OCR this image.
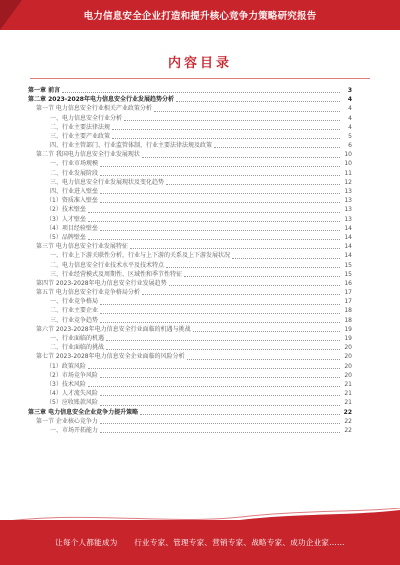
电力信息安全企业打造和提升核心竞争力策略研究报告
内容目录
第一章 前言	3
第二章 2023-2028年电力信息安全行业发展趋势分析	4
第一节 电力信息安全行业相关产业政策分析	4
一、电力信息安全行业分析	4
二、行业主要法律法规	4
三、行业主要产业政策	5
四、行业主管部门、行业监管体制、行业主要法律法规及政策	6
第二节 我国电力信息安全行业发展现状	10
一、行业市场规模	10
二、行业发展阶段	11
三、电力信息安全行业发展现状及变化趋势	12
四、行业进入壁垒	13
（1）资质准入壁垒	13
（2）技术壁垒	13
（3）人才壁垒	13
（4）项目经验壁垒	14
（5）品牌壁垒	14
第三节 电力信息安全行业发展特征	14
一、行业上下游关联性分析，行业与上下游的关系及上下游发展状况	14
二、电力信息安全行业技术水平及技术特点	15
三、行业经营模式及周期性、区域性和季节性特征	15
第四节 2023-2028年电力信息安全行业发展趋势	16
第五节 电力信息安全行业竞争格局分析	17
一、行业竞争格局	17
二、行业主要企业	18
三、行业竞争趋势	18
第六节 2023-2028年电力信息安全行业面临的机遇与挑战	19
一、行业面临的机遇	19
二、行业面临的挑战	20
第七节 2023-2028年电力信息安全企业面临的风险分析	20
（1）政策风险	20
（2）市场竞争风险	20
（3）技术风险	21
（4）人才流失风险	21
（5）应收账款风险	21
第三章 电力信息安全企业竞争力提升策略	22
第一节 企业核心竞争力	22
一、市场开拓能力	22
让每个人都能成为 行业专家、管理专家、营销专家、战略专家、成功企业家……
